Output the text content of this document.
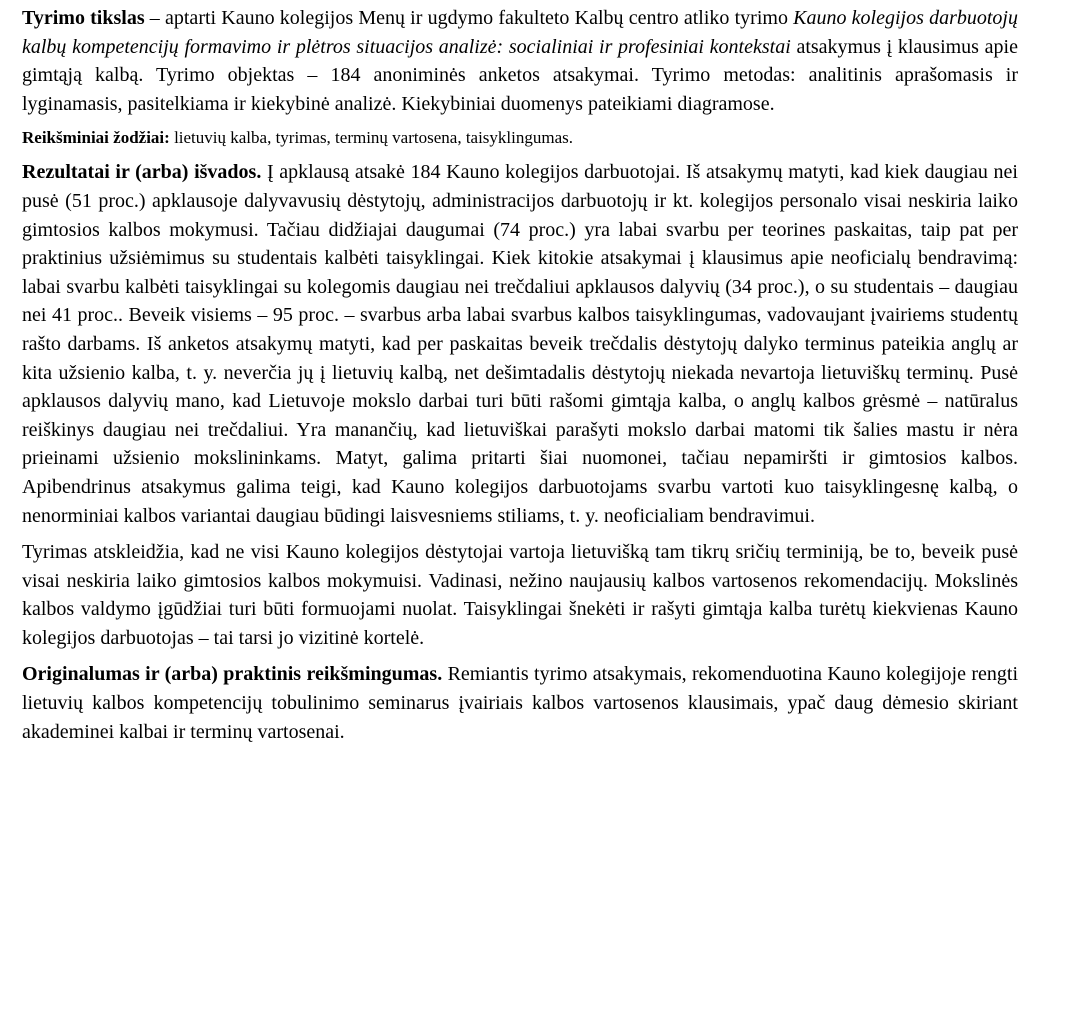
Tyrimo tikslas – aptarti Kauno kolegijos Menų ir ugdymo fakulteto Kalbų centro atliko tyrimo Kauno kolegijos darbuotojų kalbų kompetencijų formavimo ir plėtros situacijos analizė: socialiniai ir profesiniai kontekstai atsakymus į klausimus apie gimtąją kalbą. Tyrimo objektas – 184 anoniminės anketos atsakymai. Tyrimo metodas: analitinis aprašomasis ir lyginamasis, pasitelkiama ir kiekybinė analizė. Kiekybiniai duomenys pateikiami diagramose.

Reikšminiai žodžiai: lietuvių kalba, tyrimas, terminų vartosena, taisyklingumas.

Rezultatai ir (arba) išvados. Į apklausą atsakė 184 Kauno kolegijos darbuotojai. Iš atsakymų matyti, kad kiek daugiau nei pusė (51 proc.) apklausoje dalyvavusių dėstytojų, administracijos darbuotojų ir kt. kolegijos personalo visai neskiria laiko gimtosios kalbos mokymusi. Tačiau didžiajai daugumai (74 proc.) yra labai svarbu per teorines paskaitas, taip pat per praktinius užsiėmimus su studentais kalbėti taisyklingai. Kiek kitokie atsakymai į klausimus apie neoficialų bendravimą: labai svarbu kalbėti taisyklingai su kolegomis daugiau nei trečdaliui apklausos dalyvių (34 proc.), o su studentais – daugiau nei 41 proc.. Beveik visiems – 95 proc. – svarbus arba labai svarbus kalbos taisyklingumas, vadovaujant įvairiems studentų rašto darbams. Iš anketos atsakymų matyti, kad per paskaitas beveik trečdalis dėstytojų dalyko terminus pateikia anglų ar kita užsienio kalba, t. y. neverčia jų į lietuvių kalbą, net dešimtadalis dėstytojų niekada nevartoja lietuviškų terminų. Pusė apklausos dalyvių mano, kad Lietuvoje mokslo darbai turi būti rašomi gimtąja kalba, o anglų kalbos grėsmė – natūralus reiškinys daugiau nei trečdaliui. Yra manančių, kad lietuviškai parašyti mokslo darbai matomi tik šalies mastu ir nėra prieinami užsienio mokslininkams. Matyt, galima pritarti šiai nuomonei, tačiau nepamiršti ir gimtosios kalbos. Apibendrinus atsakymus galima teigi, kad Kauno kolegijos darbuotojams svarbu vartoti kuo taisyklingesnę kalbą, o nenorminiai kalbos variantai daugiau būdingi laisvesniems stiliams, t. y. neoficialiam bendravimui.

Tyrimas atskleidžia, kad ne visi Kauno kolegijos dėstytojai vartoja lietuvišką tam tikrų sričių terminiją, be to, beveik pusė visai neskiria laiko gimtosios kalbos mokymuisi. Vadinasi, nežino naujausių kalbos vartosenos rekomendacijų. Mokslinės kalbos valdymo įgūdžiai turi būti formuojami nuolat. Taisyklingai šnekėti ir rašyti gimtąja kalba turėtų kiekvienas Kauno kolegijos darbuotojas – tai tarsi jo vizitinė kortelė.

Originalumas ir (arba) praktinis reikšmingumas. Remiantis tyrimo atsakymais, rekomenduotina Kauno kolegijoje rengti lietuvių kalbos kompetencijų tobulinimo seminarus įvairiais kalbos vartosenos klausimais, ypač daug dėmesio skiriant akademinei kalbai ir terminų vartosenai.
